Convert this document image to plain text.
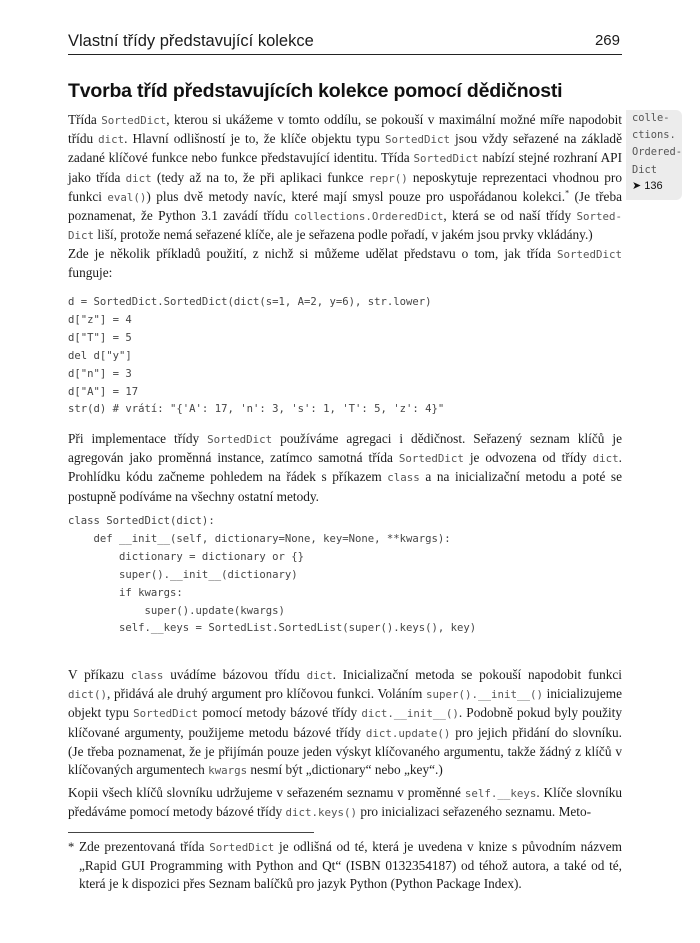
Vlastní třídy představující kolekce	269
Tvorba tříd představujících kolekce pomocí dědičnosti
colle-
ctions.
Ordered-
Dict
➤ 136

Třída SortedDict, kterou si ukážeme v tomto oddílu, se pokouší v maximální možné míře napodobit třídu dict. Hlavní odlišností je to, že klíče objektu typu SortedDict jsou vždy seřazené na základě zadané klíčové funkce nebo funkce představující identitu. Třída SortedDict nabízí stejné rozhraní API jako třída dict (tedy až na to, že při aplikaci funkce repr() neposkytuje reprezentaci vhodnou pro funkci eval()) plus dvě metody navíc, které mají smysl pouze pro uspořádanou kolekci.* (Je třeba poznamenat, že Python 3.1 zavádí třídu collections.OrderedDict, která se od naší třídy Sorted-Dict liší, protože nemá seřazené klíče, ale je seřazena podle pořadí, v jakém jsou prvky vkládány.)

Zde je několik příkladů použití, z nichž si můžeme udělat představu o tom, jak třída SortedDict funguje:

d = SortedDict.SortedDict(dict(s=1, A=2, y=6), str.lower)
d["z"] = 4
d["T"] = 5
del d["y"]
d["n"] = 3
d["A"] = 17
str(d) # vrátí: "{'A': 17, 'n': 3, 's': 1, 'T': 5, 'z': 4}"

Při implementace třídy SortedDict používáme agregaci i dědičnost. Seřazený seznam klíčů je agregován jako proměnná instance, zatímco samotná třída SortedDict je odvozena od třídy dict. Prohlídku kódu začneme pohledem na řádek s příkazem class a na inicializační metodu a poté se postupně podíváme na všechny ostatní metody.

class SortedDict(dict):
def __init__(self, dictionary=None, key=None, **kwargs):
dictionary = dictionary or {}
super().__init__(dictionary)
if kwargs:
super().update(kwargs)
self.__keys = SortedList.SortedList(super().keys(), key)

V příkazu class uvádíme bázovou třídu dict. Inicializační metoda se pokouší napodobit funkci dict(), přidává ale druhý argument pro klíčovou funkci. Voláním super().__init__() inicializujeme objekt typu SortedDict pomocí metody bázové třídy dict.__init__(). Podobně pokud byly použity klíčované argumenty, použijeme metodu bázové třídy dict.update() pro jejich přidání do slovníku. (Je třeba poznamenat, že je přijímán pouze jeden výskyt klíčovaného argumentu, takže žádný z klíčů v klíčovaných argumentech kwargs nesmí být „dictionary“ nebo „key“.)

Kopii všech klíčů slovníku udržujeme v seřazeném seznamu v proměnné self.__keys. Klíče slovníku předáváme pomocí metody bázové třídy dict.keys() pro inicializaci seřazeného seznamu. Meto-

* Zde prezentovaná třída SortedDict je odlišná od té, která je uvedena v knize s původním názvem „Rapid GUI Programming with Python and Qt“ (ISBN 0132354187) od téhož autora, a také od té, která je k dispozici přes Seznam balíčků pro jazyk Python (Python Package Index).
